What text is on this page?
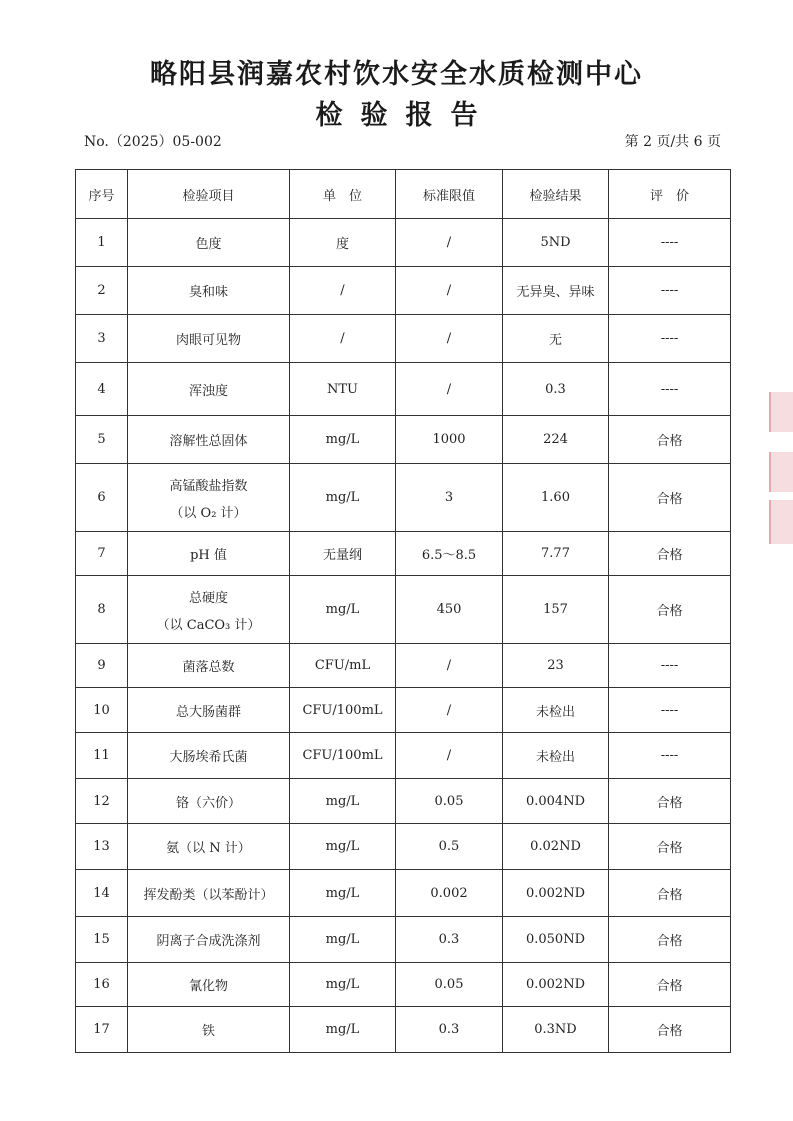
略阳县润嘉农村饮水安全水质检测中心
检验报告
No.（2025）05-002	第 2 页/共 6 页
序号	检验项目	单　位	标准限值	检验结果	评　价
1	色度	度	/	5ND	----
2	臭和味	/	/	无异臭、异味	----
3	肉眼可见物	/	/	无	----
4	浑浊度	NTU	/	0.3	----
5	溶解性总固体	mg/L	1000	224	合格
6	高锰酸盐指数
（以 O₂ 计）	mg/L	3	1.60	合格
7	pH 值	无量纲	6.5～8.5	7.77	合格
8	总硬度
（以 CaCO₃ 计）	mg/L	450	157	合格
9	菌落总数	CFU/mL	/	23	----
10	总大肠菌群	CFU/100mL	/	未检出	----
11	大肠埃希氏菌	CFU/100mL	/	未检出	----
12	铬（六价）	mg/L	0.05	0.004ND	合格
13	氨（以 N 计）	mg/L	0.5	0.02ND	合格
14	挥发酚类（以苯酚计）	mg/L	0.002	0.002ND	合格
15	阴离子合成洗涤剂	mg/L	0.3	0.050ND	合格
16	氰化物	mg/L	0.05	0.002ND	合格
17	铁	mg/L	0.3	0.3ND	合格
